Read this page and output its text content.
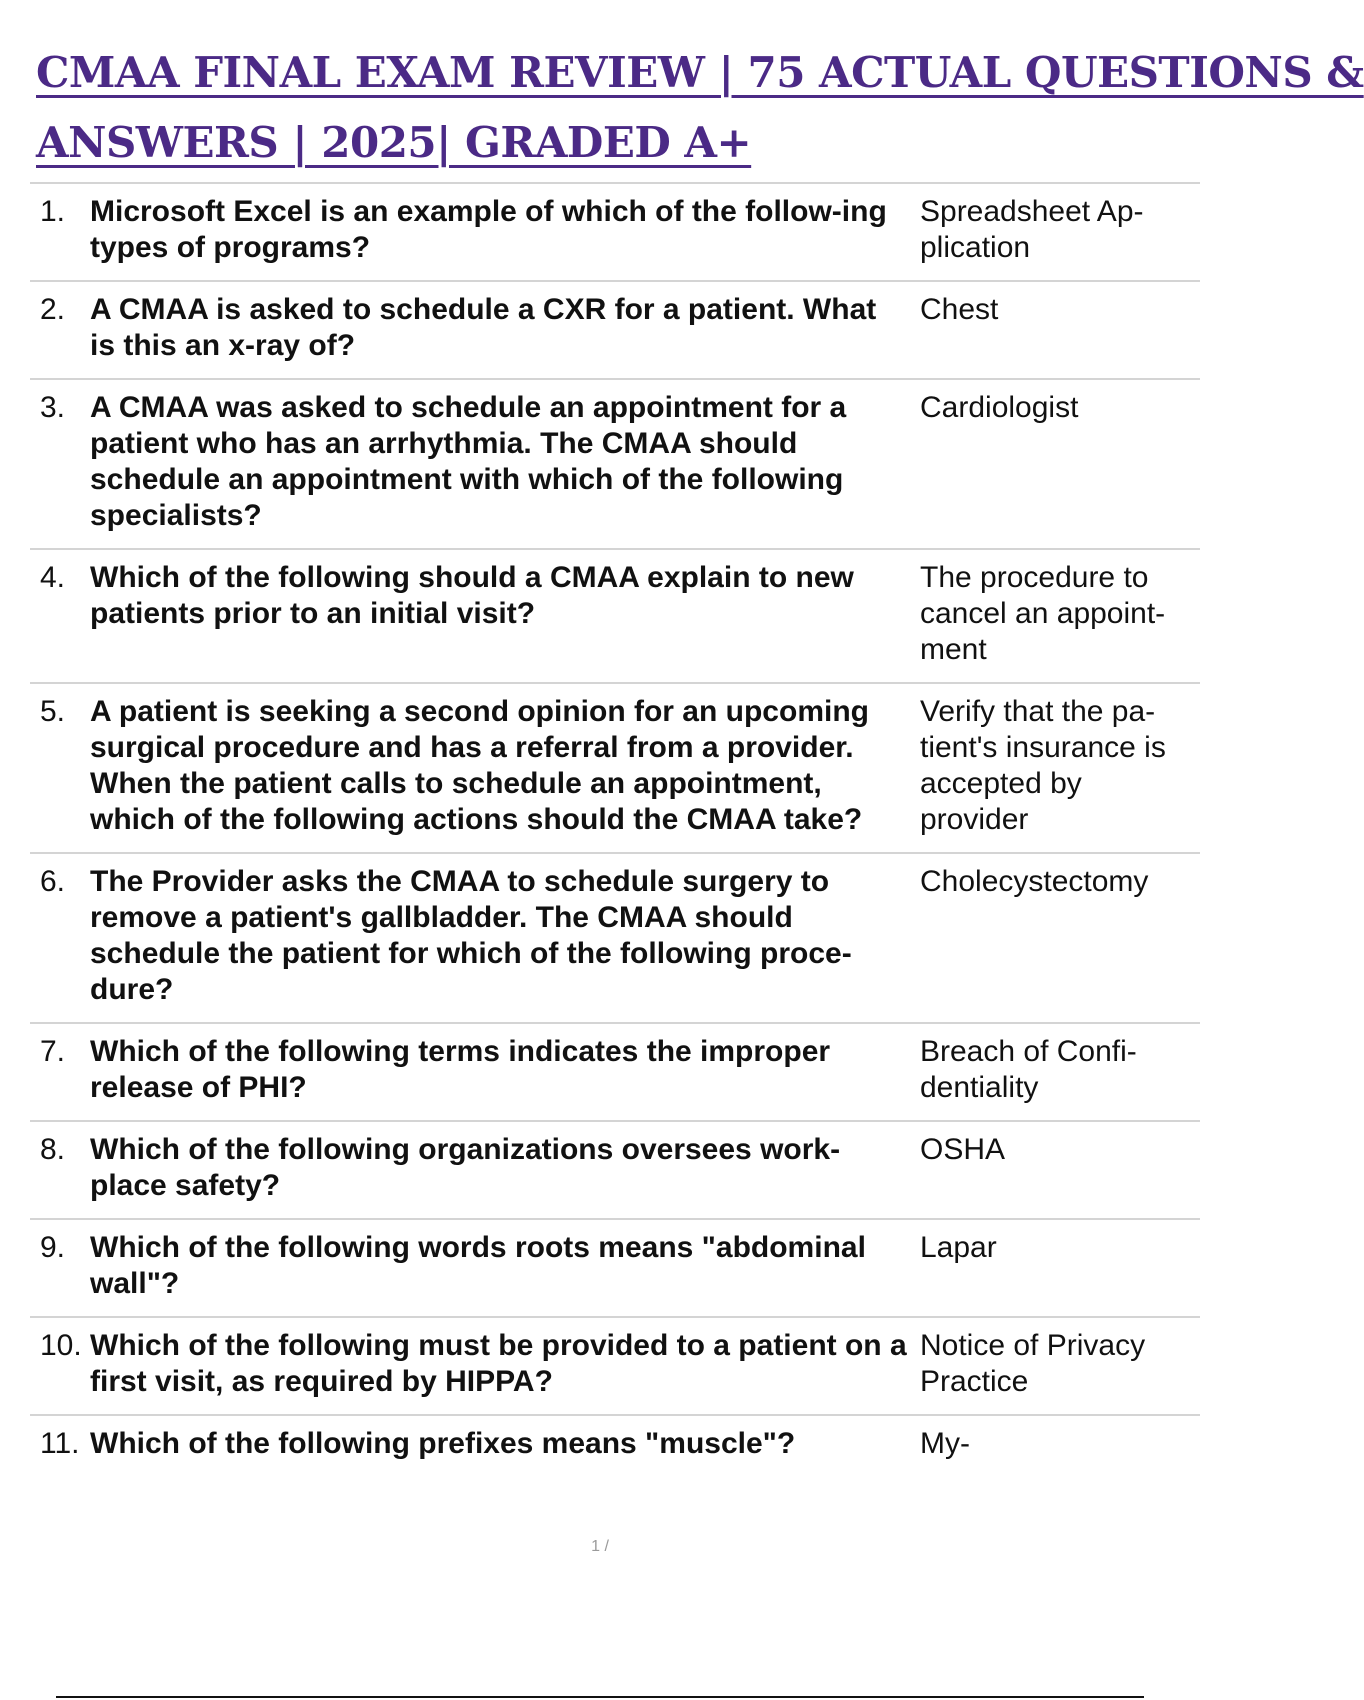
CMAA FINAL EXAM REVIEW | 75 ACTUAL QUESTIONS &
ANSWERS | 2025| GRADED A+
1. Microsoft Excel is an example of which of the follow-ing types of programs?
Spreadsheet Ap-plication
2. A CMAA is asked to schedule a CXR for a patient. What is this an x-ray of?
Chest
3. A CMAA was asked to schedule an appointment for a patient who has an arrhythmia. The CMAA should schedule an appointment with which of the following specialists?
Cardiologist
4. Which of the following should a CMAA explain to new patients prior to an initial visit?
The procedure to cancel an appoint-ment
5. A patient is seeking a second opinion for an upcoming surgical procedure and has a referral from a provider. When the patient calls to schedule an appointment, which of the following actions should the CMAA take?
Verify that the pa-tient's insurance is accepted by provider
6. The Provider asks the CMAA to schedule surgery to remove a patient's gallbladder. The CMAA should schedule the patient for which of the following proce-dure?
Cholecystectomy
7. Which of the following terms indicates the improper release of PHI?
Breach of Confi-dentiality
8. Which of the following organizations oversees work-place safety?
OSHA
9. Which of the following words roots means "abdominal wall"?
Lapar
10. Which of the following must be provided to a patient on a first visit, as required by HIPPA?
Notice of Privacy Practice
11. Which of the following prefixes means "muscle"?	My-
1 /
